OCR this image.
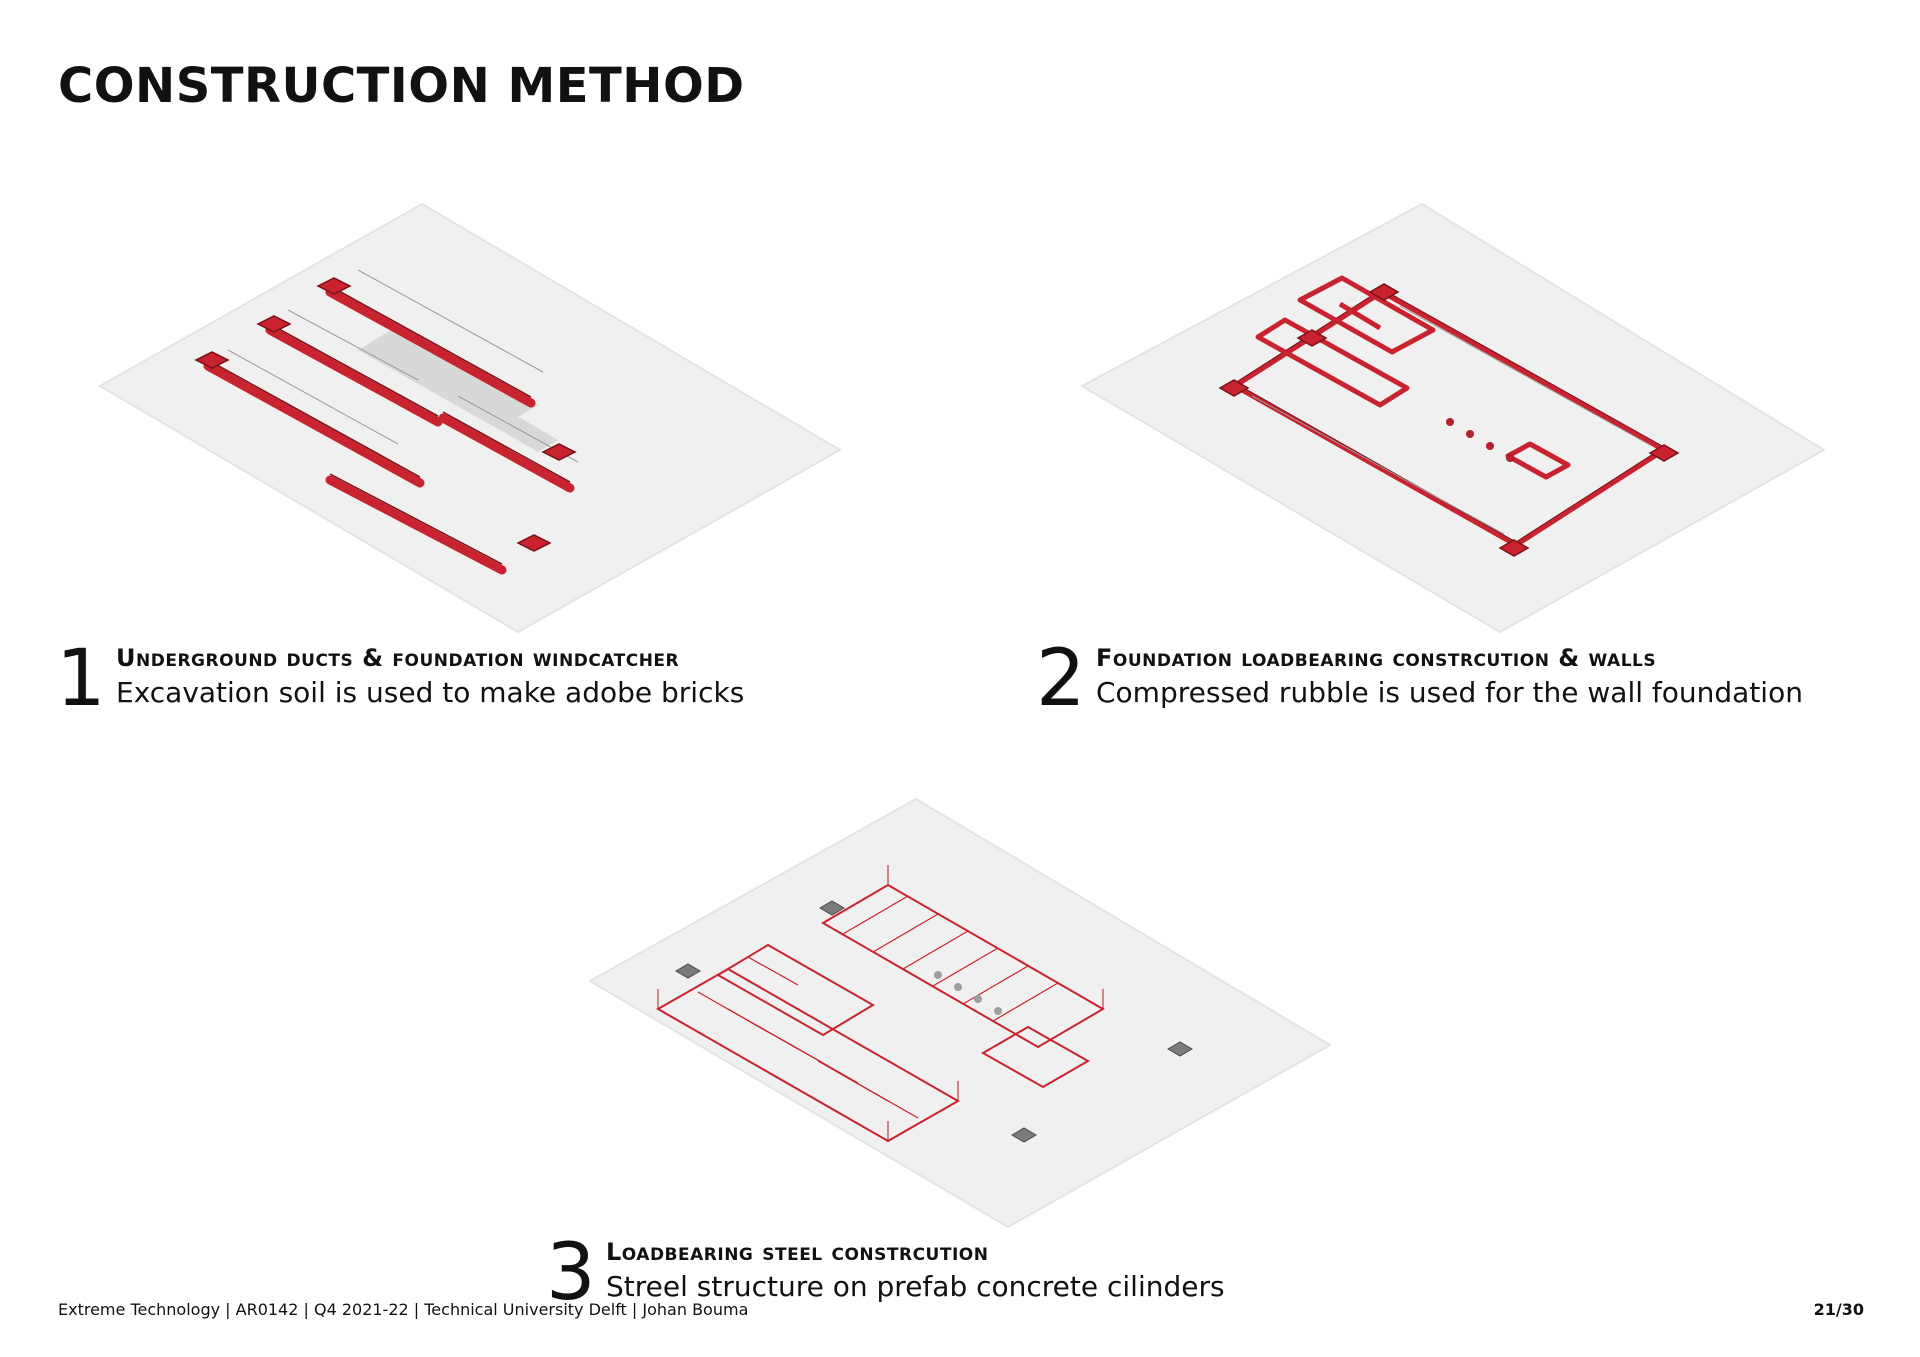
CONSTRUCTION METHOD
1 Underground ducts & foundation windcatcher
Excavation soil is used to make adobe bricks	2 Foundation loadbearing constrcution & walls
Compressed rubble is used for the wall foundation
3 Loadbearing steel constrcution
Streel structure on prefab concrete cilinders
Extreme Technology | AR0142 | Q4 2021-22 | Technical University Delft | Johan Bouma	21/30
